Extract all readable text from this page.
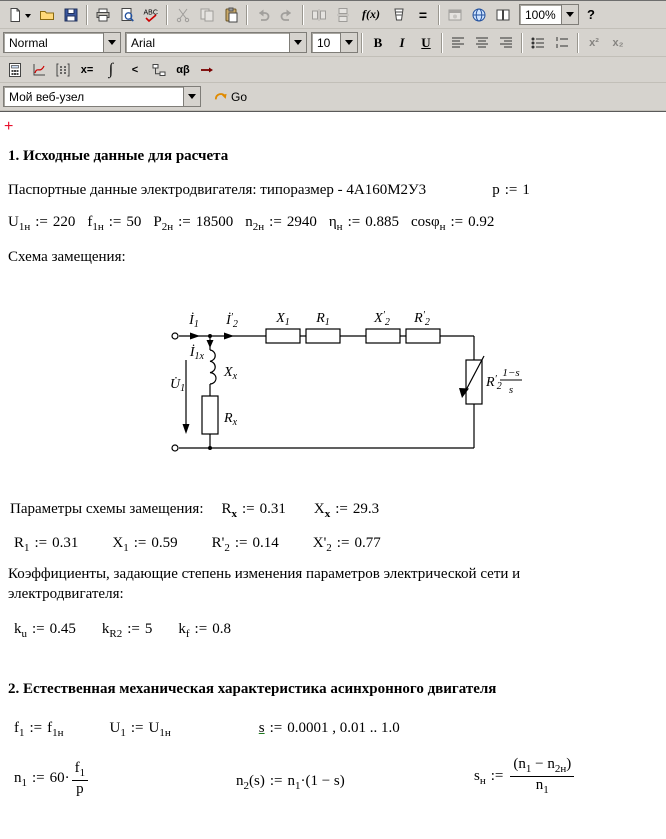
ABC	f(x)	=	100% ?
Normal	Arial	10	B I U	x² x₂
x= ∫ <	αβ
Мой веб-узел	Go
+
1. Исходные данные для расчета
Паспортные данные электродвигателя: типоразмер - 4А160М2У3	p := 1
$U_{1н}$ := 220 $f_{1н}$ := 50 $P_{2н}$ := 18500 $n_{2н}$ := 2940 $\eta_н$ := 0.885 cosφ$_н$ := 0.92
Схема замещения:
$İ_1$ $İ'_2$	$X_1$ $R_1$	$X'_2$ $R'_2$
$İ_{1x}$
$U̇_1$
$X_x$
$R_x$
$R'_2$
1−s
s
Параметры схемы замещения: $R_x$ := 0.31 $X_x$ := 29.3
$R_1$ := 0.31 $X_1$ := 0.59 $R'_2$ := 0.14 $X'_2$ := 0.77
Коэффициенты, задающие степень изменения параметров электрической сети и
электродвигателя:
$k_u$ := 0.45 $k_{R2}$ := 5 $k_f$ := 0.8
2. Естественная механическая характеристика асинхронного двигателя
$f_1$ := $f_{1н}$	$U_1$ := $U_{1н}$	s := 0.0001 , 0.01 .. 1.0
$n_1$ := $60\cdot \frac{f_1}{p}$	$n_2(s)$ := $n_1\cdot(1 - s)$	$s_н$ := $\frac{(n_1 - n_{2н})}{n_1}$
